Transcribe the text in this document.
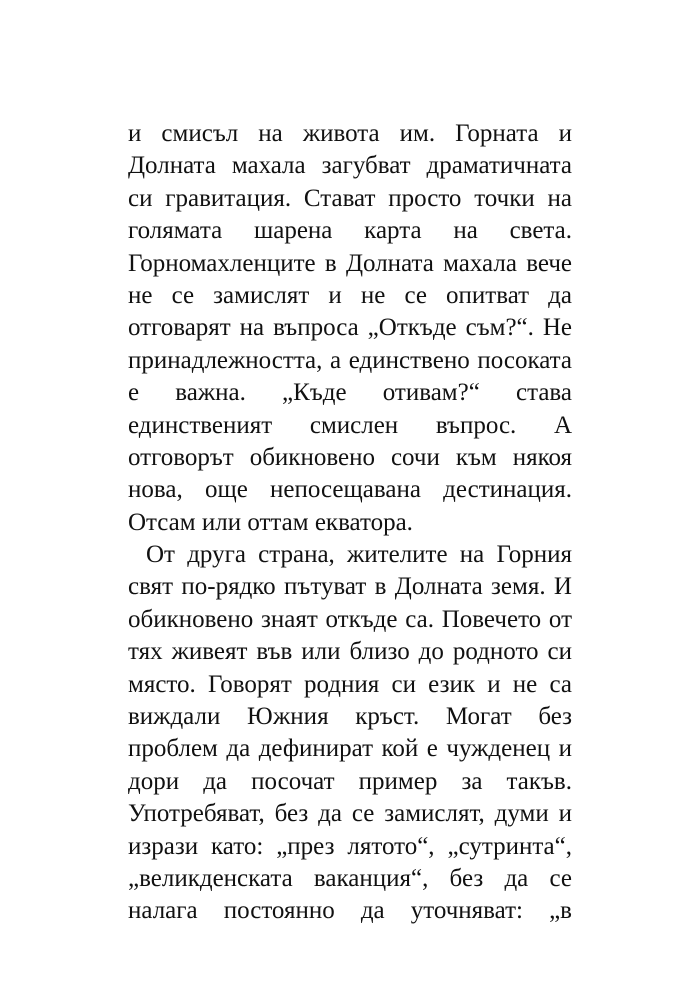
и смисъл на живота им. Горната и
Долната махала загубват драматичната
си гравитация. Стават просто точки на
голямата шарена карта на света.
Горномахленците в Долната махала вече
не се замислят и не се опитват да
отговарят на въпроса „Откъде съм?“. Не
принадлежността, а единствено посоката
е важна. „Къде отивам?“ става
единственият смислен въпрос. А
отговорът обикновено сочи към някоя
нова, още непосещавана дестинация.
Отсам или оттам екватора.
От друга страна, жителите на Горния
свят по-рядко пътуват в Долната земя. И
обикновено знаят откъде са. Повечето от
тях живеят във или близо до родното си
място. Говорят родния си език и не са
виждали Южния кръст. Могат без
проблем да дефинират кой е чужденец и
дори да посочат пример за такъв.
Употребяват, без да се замислят, думи и
изрази като: „през лятото“, „сутринта“,
„великденската ваканция“, без да се
налага постоянно да уточняват: „в
